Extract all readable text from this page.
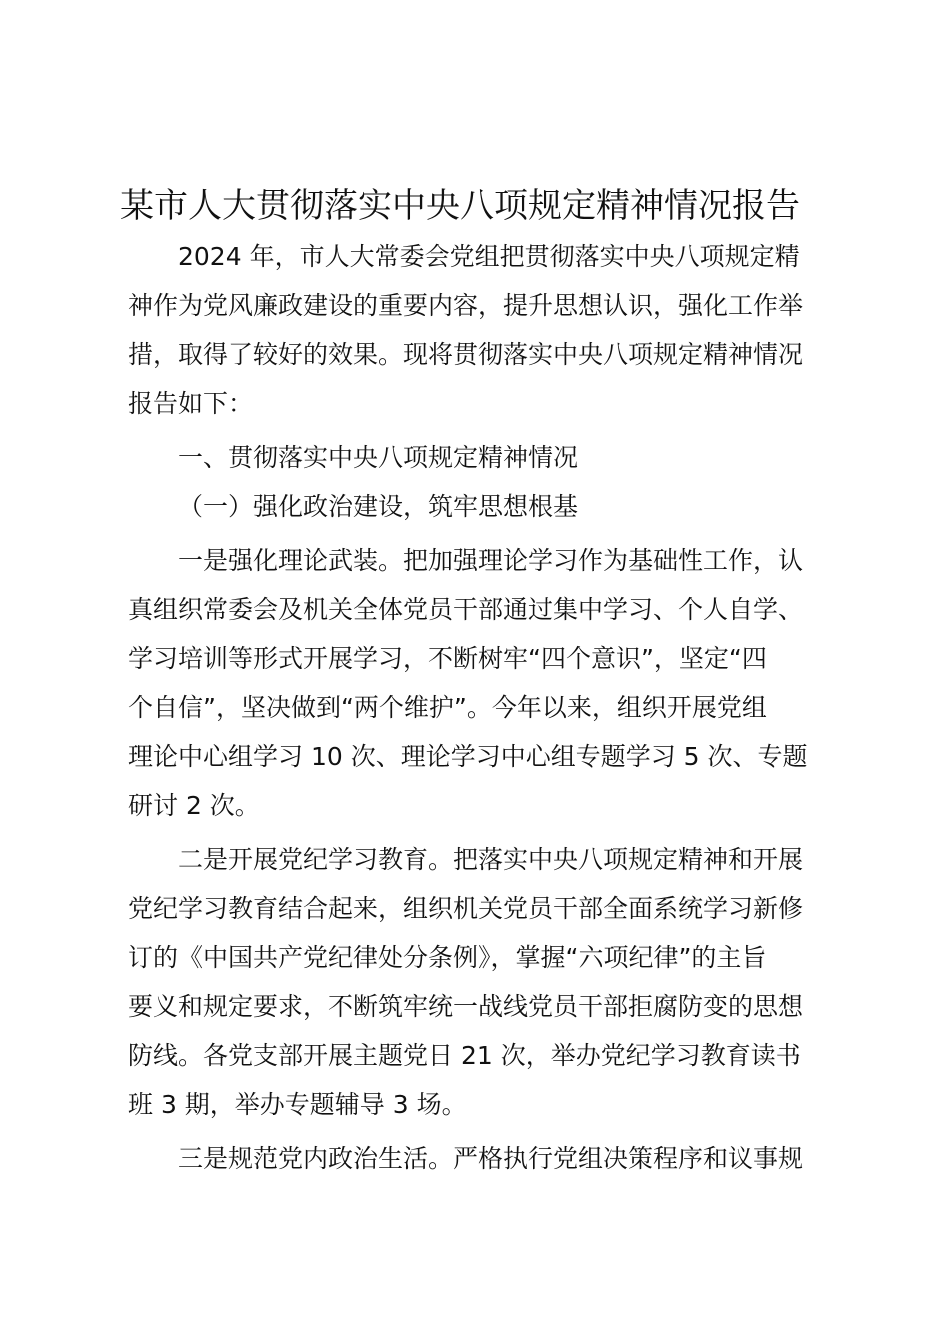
某市人大贯彻落实中央八项规定精神情况报告
2024 年，市人大常委会党组把贯彻落实中央八项规定精
神作为党风廉政建设的重要内容，提升思想认识，强化工作举
措，取得了较好的效果。现将贯彻落实中央八项规定精神情况
报告如下：
一、贯彻落实中央八项规定精神情况
（一）强化政治建设，筑牢思想根基
一是强化理论武装。把加强理论学习作为基础性工作，认
真组织常委会及机关全体党员干部通过集中学习、个人自学、
学习培训等形式开展学习，不断树牢“四个意识”，坚定“四
个自信”，坚决做到“两个维护”。今年以来，组织开展党组
理论中心组学习 10 次、理论学习中心组专题学习 5 次、专题
研讨 2 次。
二是开展党纪学习教育。把落实中央八项规定精神和开展
党纪学习教育结合起来，组织机关党员干部全面系统学习新修
订的《中国共产党纪律处分条例》，掌握“六项纪律”的主旨
要义和规定要求，不断筑牢统一战线党员干部拒腐防变的思想
防线。各党支部开展主题党日 21 次，举办党纪学习教育读书
班 3 期，举办专题辅导 3 场。
三是规范党内政治生活。严格执行党组决策程序和议事规
